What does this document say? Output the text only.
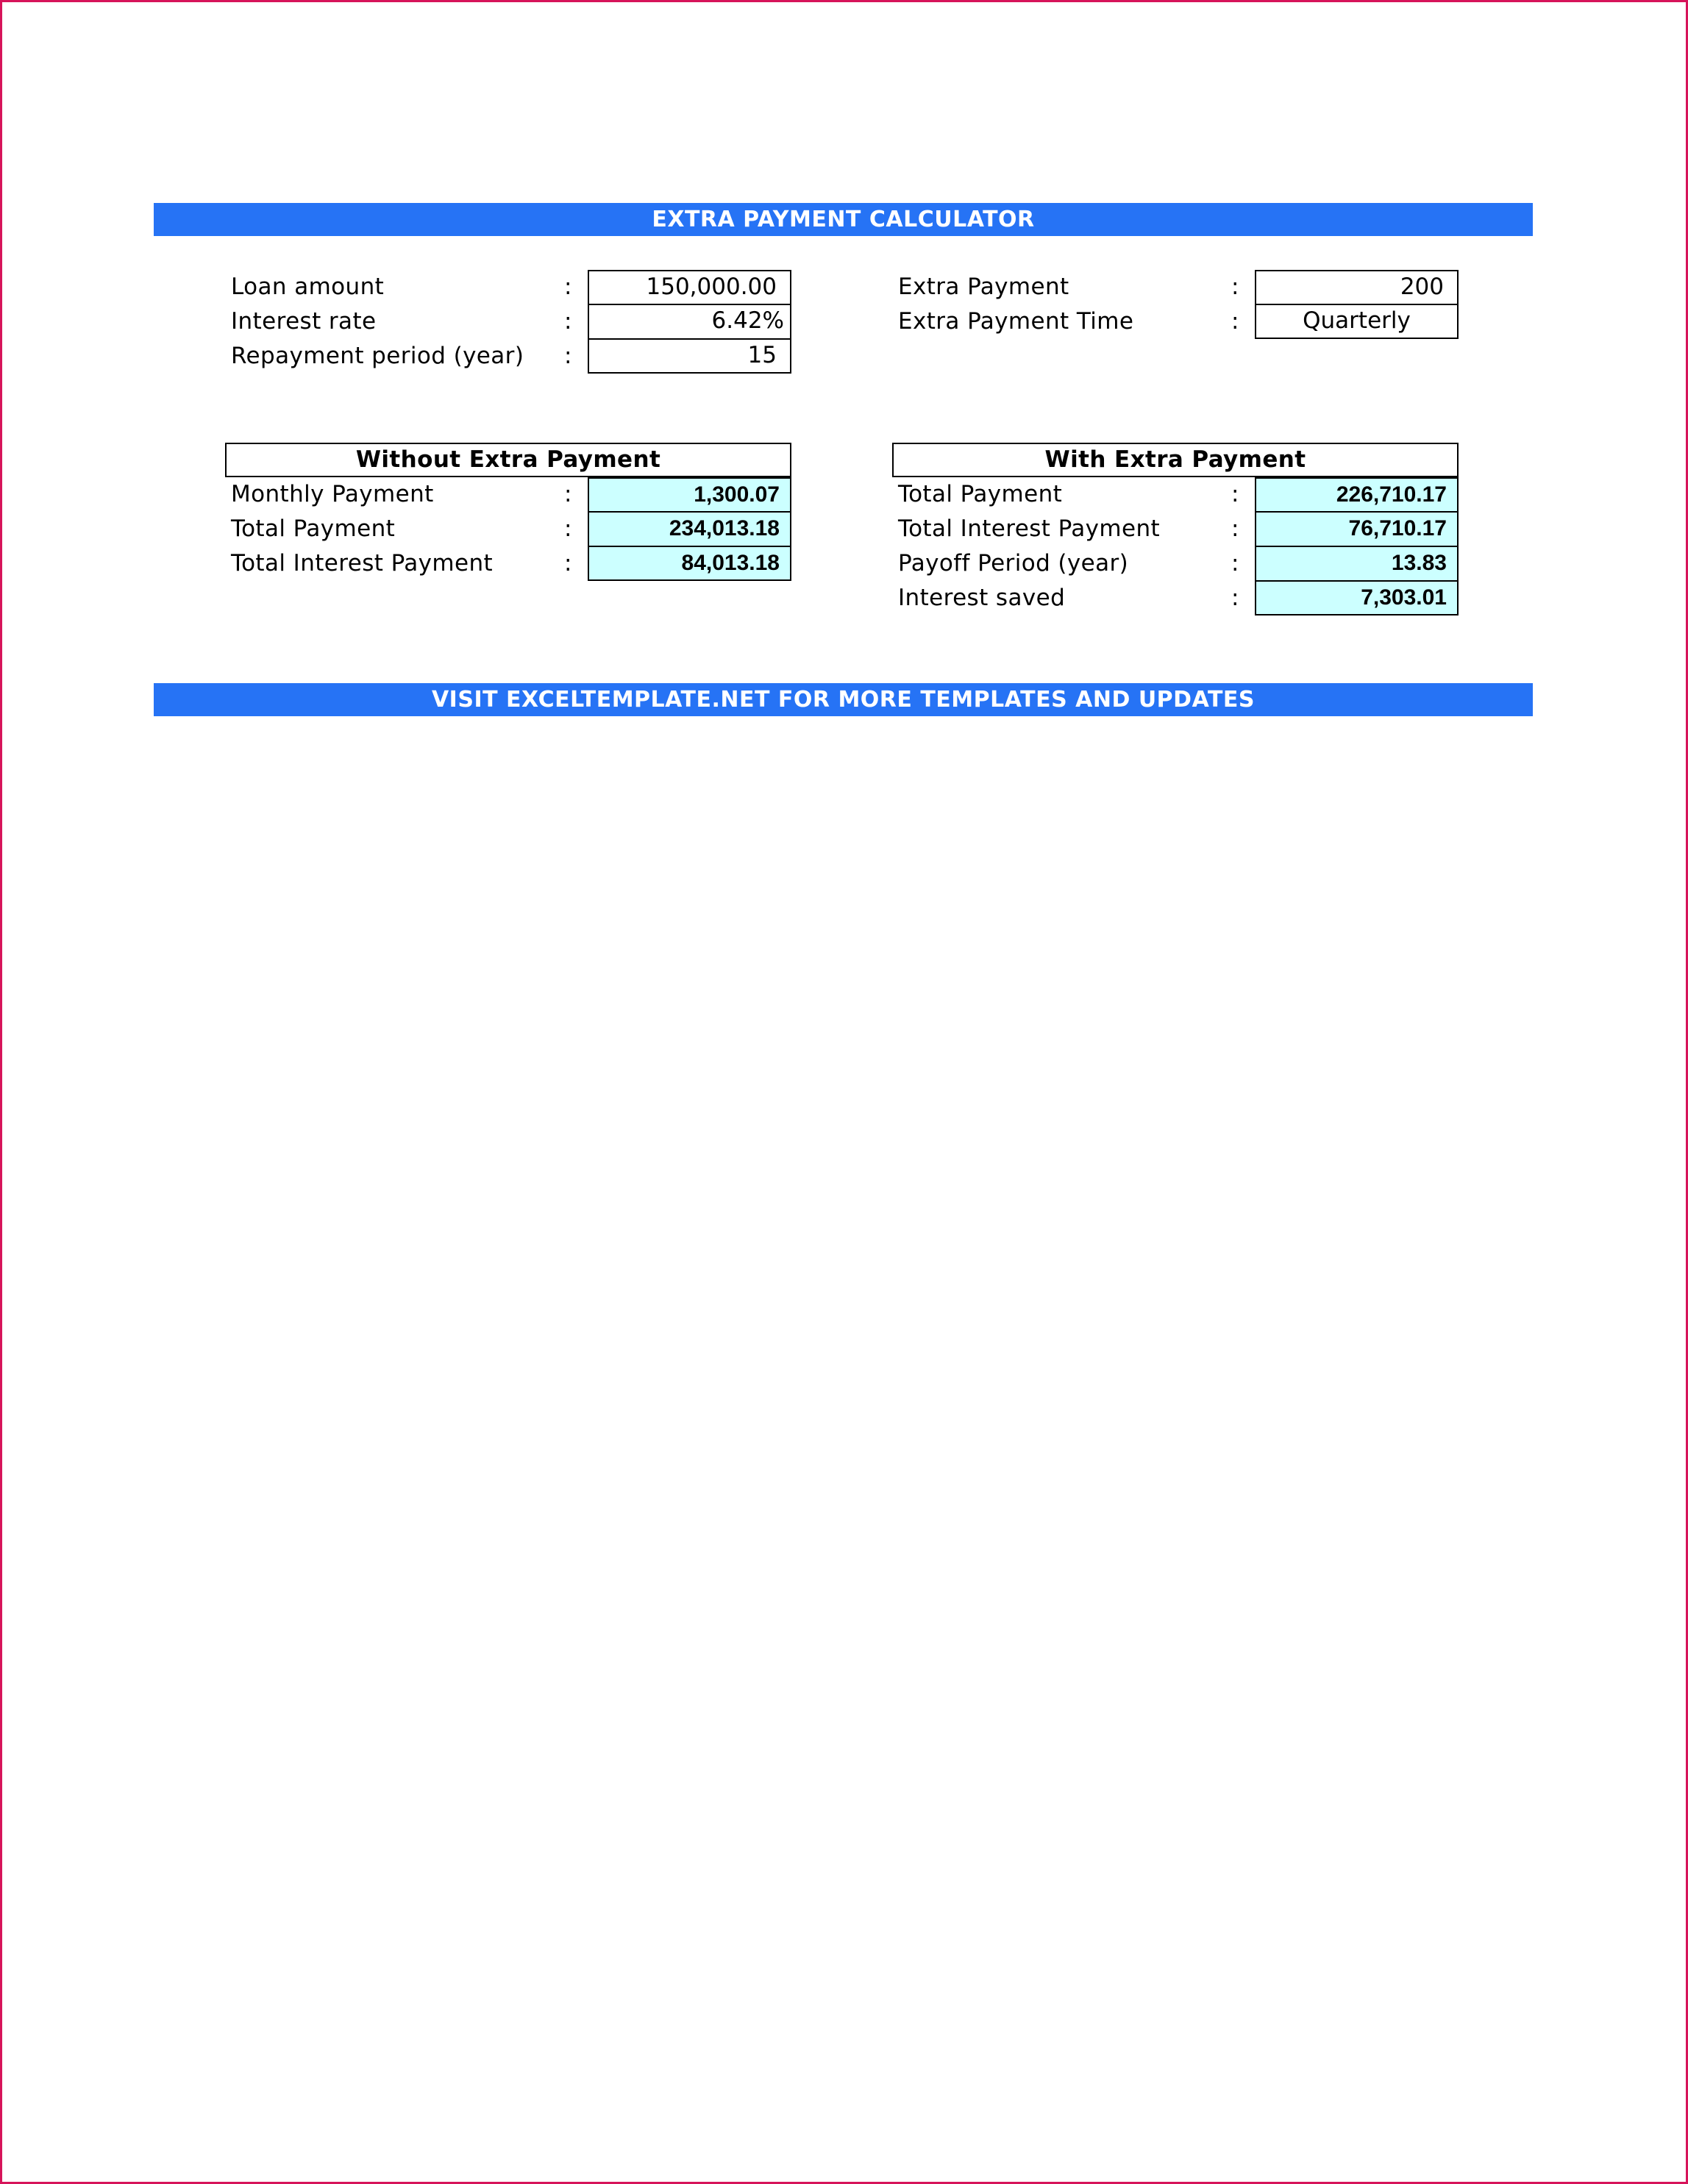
EXTRA PAYMENT CALCULATOR
Loan amount	:	150,000.00
Interest rate	:	6.42%
Repayment period (year) :	15
Extra Payment	:	200
Extra Payment Time	:	Quarterly
Without Extra Payment
Monthly Payment	:	1,300.07
Total Payment	:	234,013.18
Total Interest Payment	:	84,013.18
With Extra Payment
Total Payment	:	226,710.17
Total Interest Payment	:	76,710.17
Payoff Period (year)	:	13.83
Interest saved	:	7,303.01
VISIT EXCELTEMPLATE.NET FOR MORE TEMPLATES AND UPDATES
